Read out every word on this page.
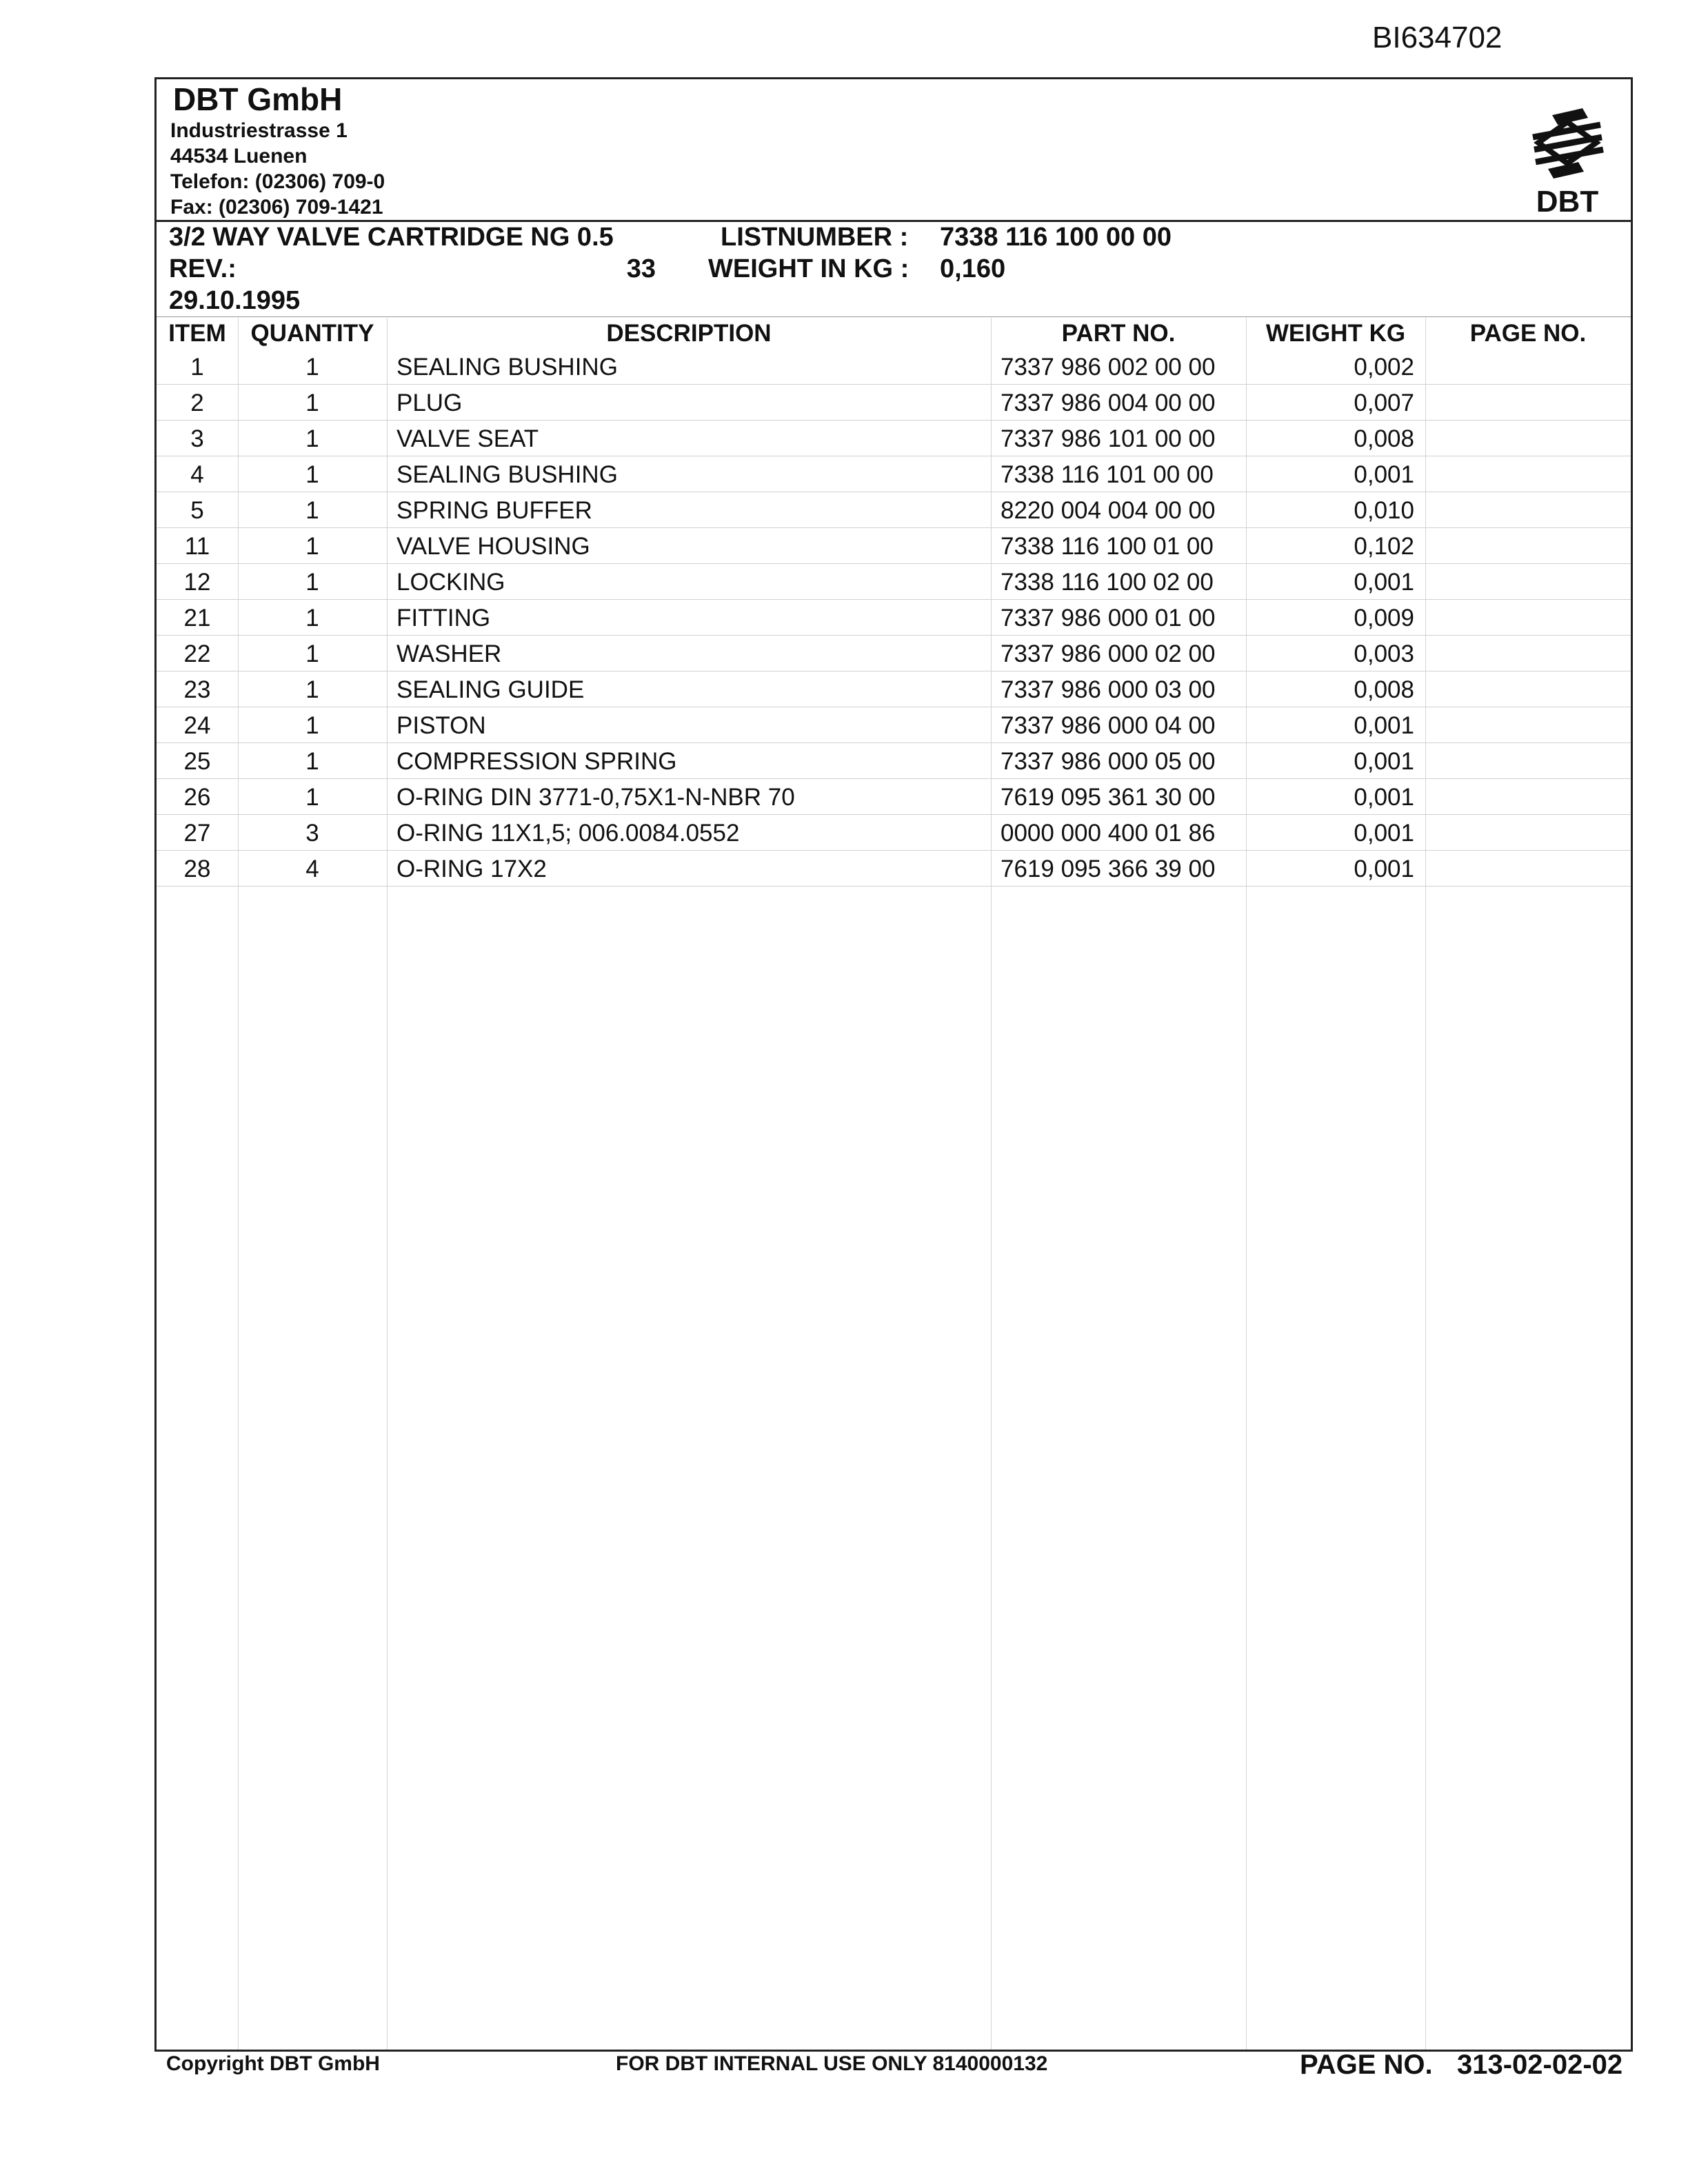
BI634702
DBT GmbH
Industriestrasse 1
44534 Luenen
Telefon: (02306) 709-0
Fax: (02306) 709-1421	DBT
3/2 WAY VALVE CARTRIDGE NG 0.5	LISTNUMBER : 7338 116 100 00 00
REV.:	33 WEIGHT IN KG : 0,160
29.10.1995
ITEM	QUANTITY	DESCRIPTION	PART NO.	WEIGHT KG	PAGE NO.
1	1	SEALING BUSHING	7337 986 002 00 00	0,002
2	1	PLUG	7337 986 004 00 00	0,007
3	1	VALVE SEAT	7337 986 101 00 00	0,008
4	1	SEALING BUSHING	7338 116 101 00 00	0,001
5	1	SPRING BUFFER	8220 004 004 00 00	0,010
11	1	VALVE HOUSING	7338 116 100 01 00	0,102
12	1	LOCKING	7338 116 100 02 00	0,001
21	1	FITTING	7337 986 000 01 00	0,009
22	1	WASHER	7337 986 000 02 00	0,003
23	1	SEALING GUIDE	7337 986 000 03 00	0,008
24	1	PISTON	7337 986 000 04 00	0,001
25	1	COMPRESSION SPRING	7337 986 000 05 00	0,001
26	1	O-RING DIN 3771-0,75X1-N-NBR 70	7619 095 361 30 00	0,001
27	3	O-RING 11X1,5; 006.0084.0552	0000 000 400 01 86	0,001
28	4	O-RING 17X2	7619 095 366 39 00	0,001
Copyright DBT GmbH	FOR DBT INTERNAL USE ONLY 8140000132	PAGE NO. 313-02-02-02
